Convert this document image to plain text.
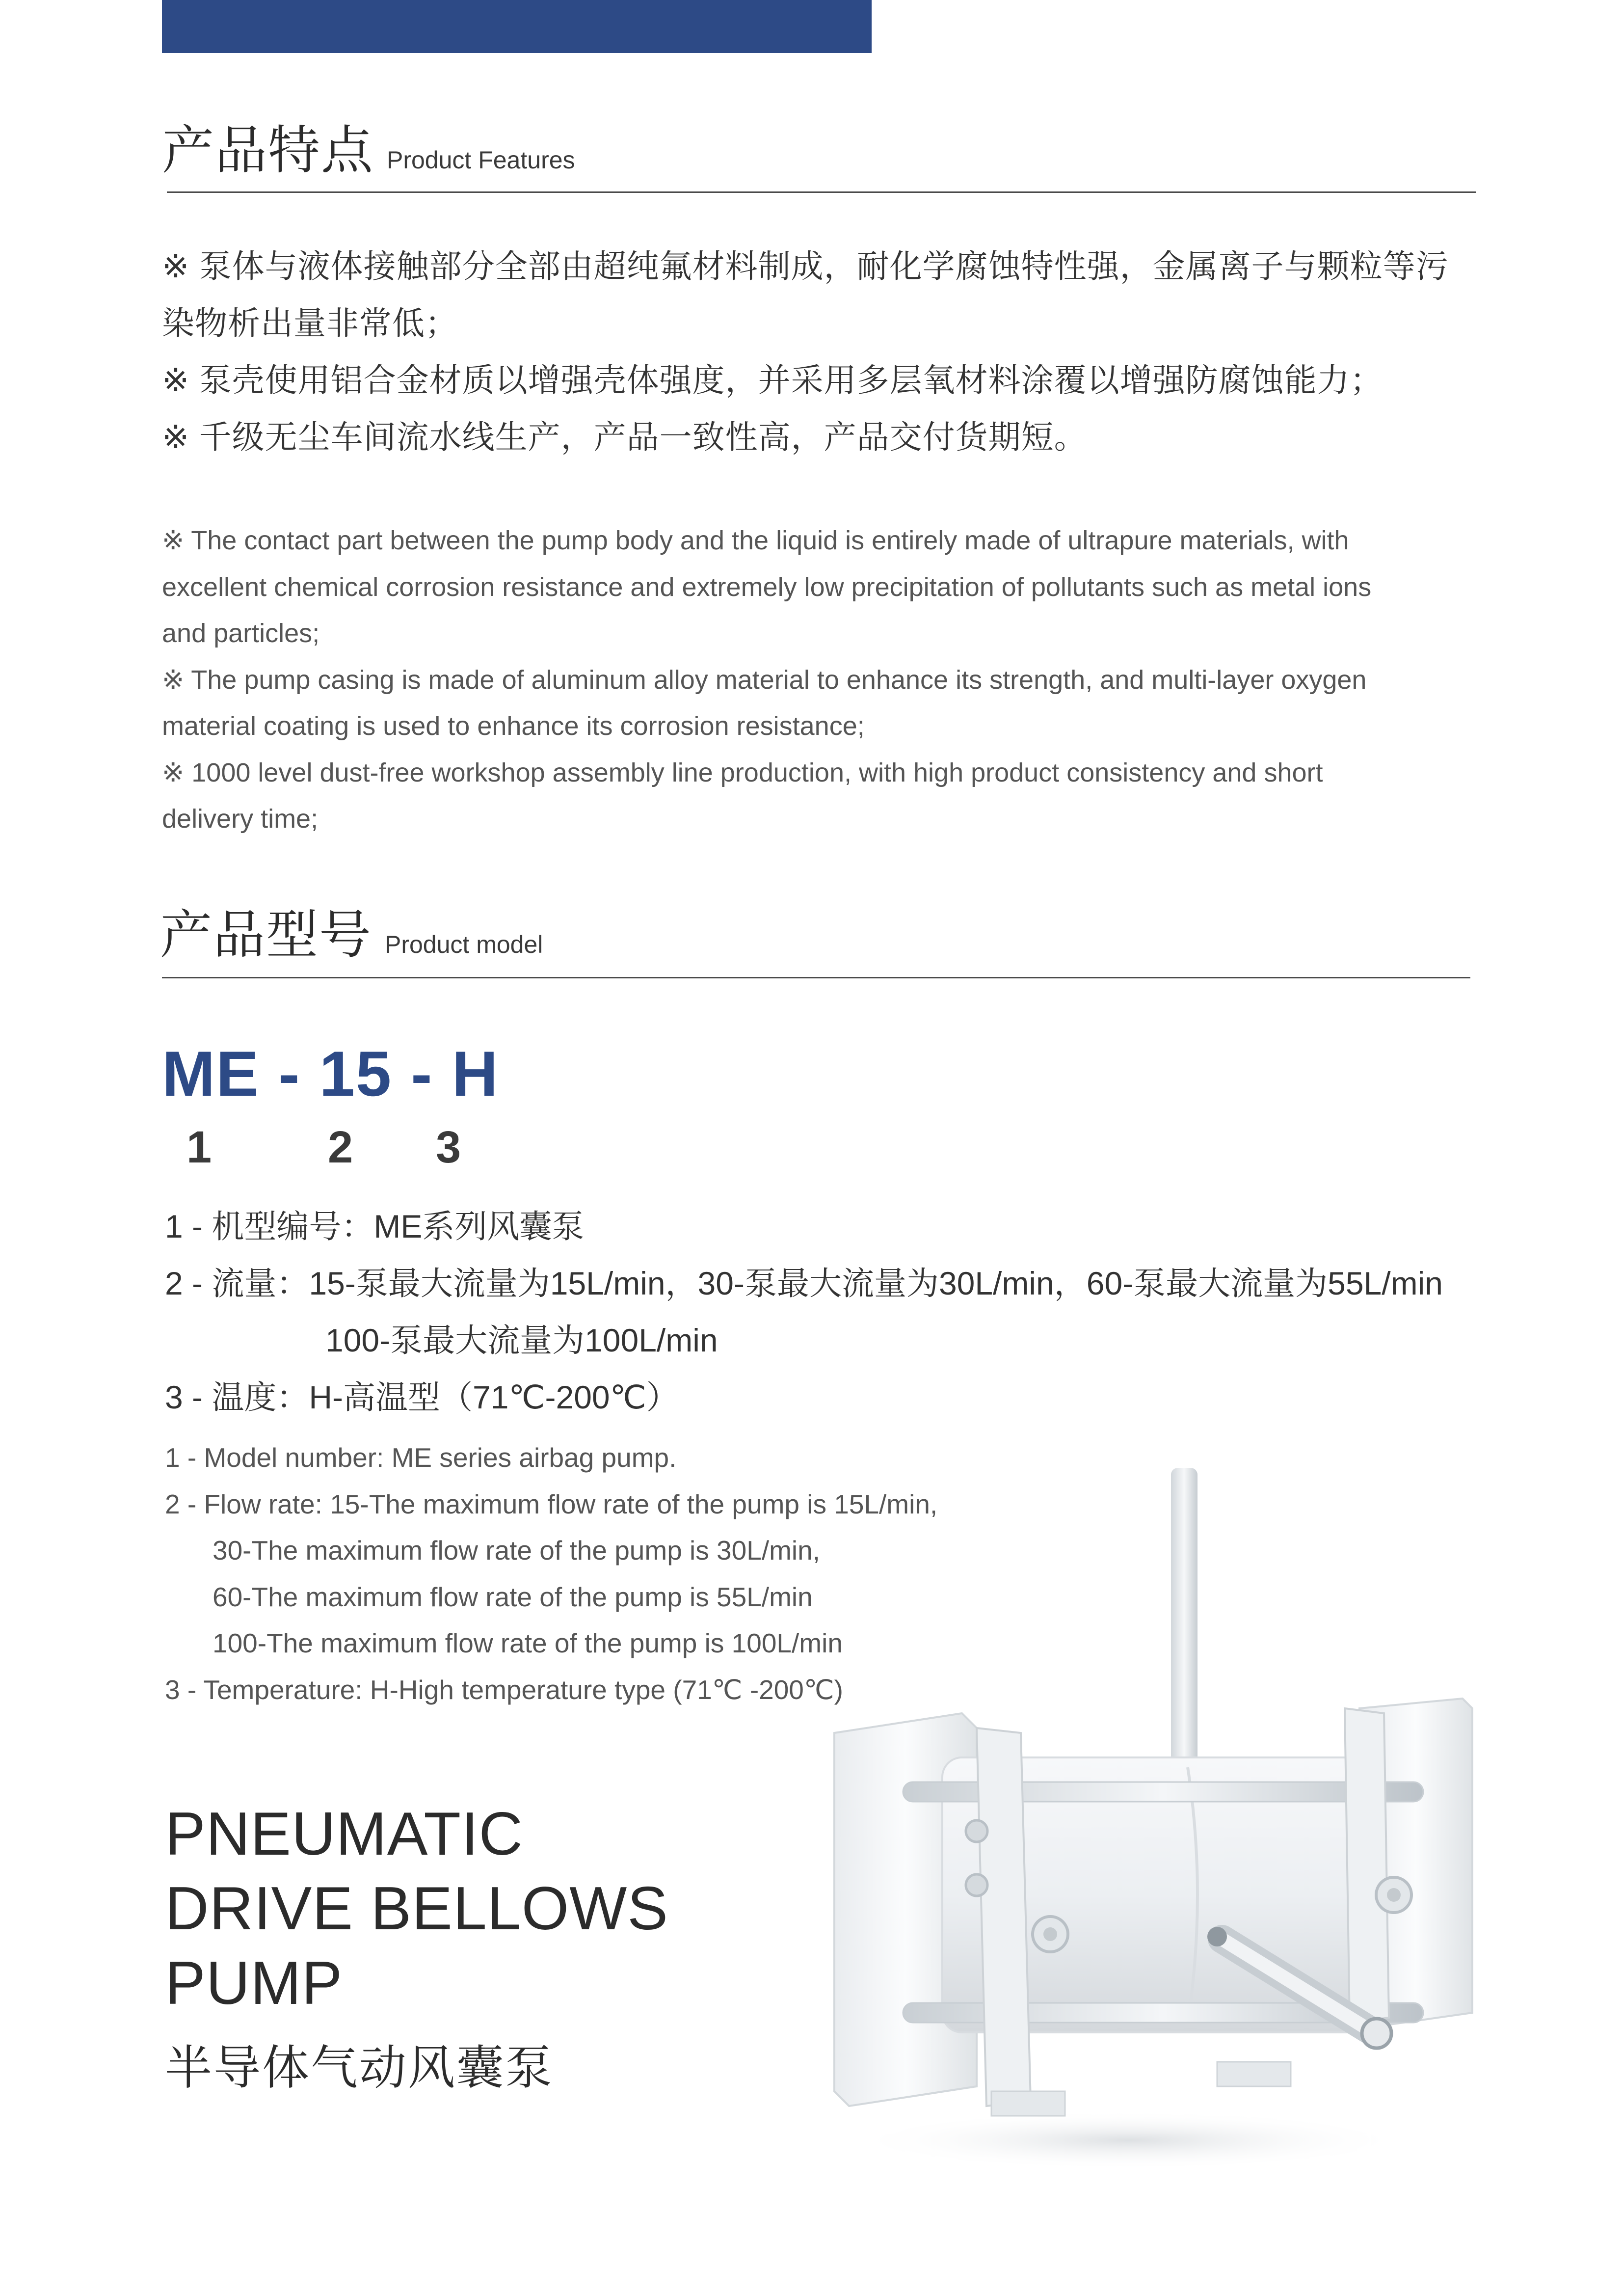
产品特点 Product Features

※ 泵体与液体接触部分全部由超纯氟材料制成，耐化学腐蚀特性强，金属离子与颗粒等污

染物析出量非常低；

※ 泵壳使用铝合金材质以增强壳体强度，并采用多层氧材料涂覆以增强防腐蚀能力；

※ 千级无尘车间流水线生产，产品一致性高，产品交付货期短。

※ The contact part between the pump body and the liquid is entirely made of ultrapure materials, with

excellent chemical corrosion resistance and extremely low precipitation of pollutants such as metal ions

and particles;

※ The pump casing is made of aluminum alloy material to enhance its strength, and multi-layer oxygen

material coating is used to enhance its corrosion resistance;

※ 1000 level dust-free workshop assembly line production, with high product consistency and short

delivery time;

产品型号 Product model
ME - 15 - H
1	2 3

1 - 机型编号：ME系列风囊泵

2 - 流量：15-泵最大流量为15L/min，30-泵最大流量为30L/min，60-泵最大流量为55L/min

100-泵最大流量为100L/min

3 - 温度：H-高温型（71℃-200℃）

1 - Model number: ME series airbag pump.

2 - Flow rate: 15-The maximum flow rate of the pump is 15L/min,

30-The maximum flow rate of the pump is 30L/min,

60-The maximum flow rate of the pump is 55L/min

100-The maximum flow rate of the pump is 100L/min

3 - Temperature: H-High temperature type (71℃ -200℃)

PNEUMATIC

DRIVE BELLOWS

PUMP

半导体气动风囊泵
